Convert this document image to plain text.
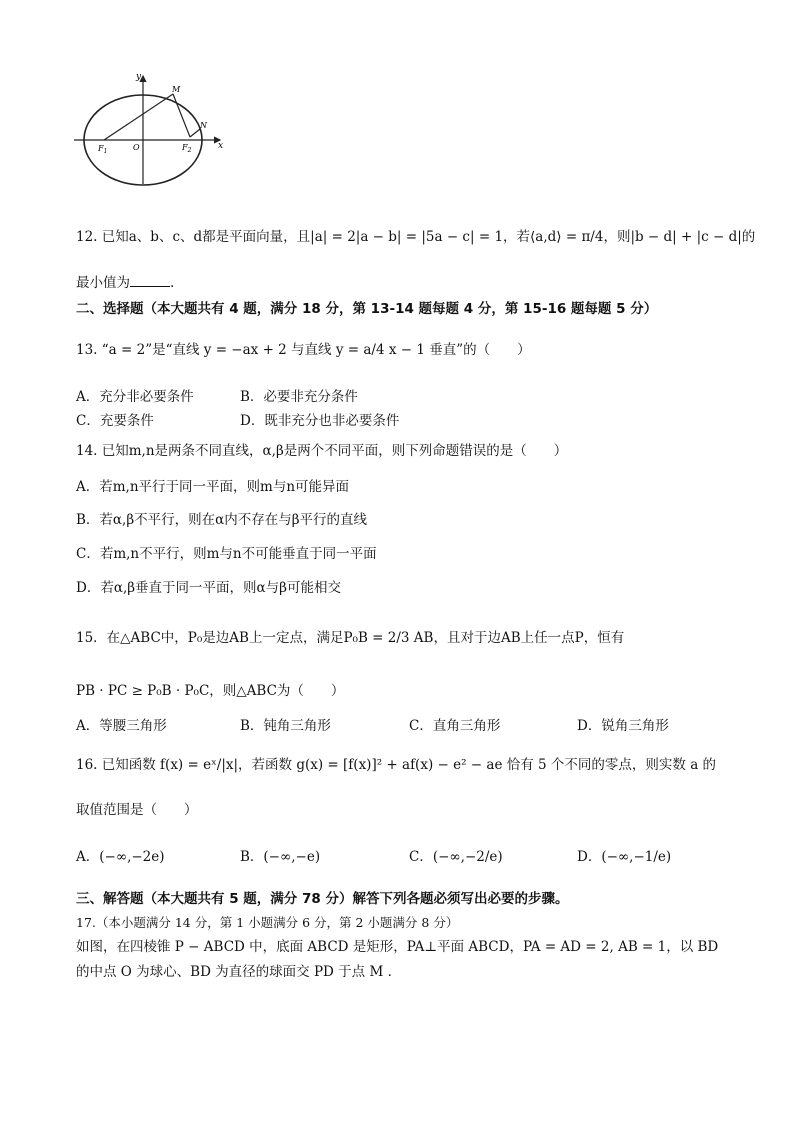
y
x
O
M
N
$F_1$	$F_2$
12. 已知a、b、c、d都是平面向量，且|a| = 2|a − b| = |5a − c| = 1，若⟨a,d⟩ = π/4，则|b − d| + |c − d|的
最小值为	.
二、选择题（本大题共有 4 题，满分 18 分，第 13-14 题每题 4 分，第 15-16 题每题 5 分）
13. “a = 2”是“直线 y = −ax + 2 与直线 y = a/4 x − 1 垂直”的（　　）
A．充分非必要条件	B．必要非充分条件
C．充要条件	D．既非充分也非必要条件
14. 已知m,n是两条不同直线，α,β是两个不同平面，则下列命题错误的是（　　）
A．若m,n平行于同一平面，则m与n可能异面
B．若α,β不平行，则在α内不存在与β平行的直线
C．若m,n不平行，则m与n不可能垂直于同一平面
D．若α,β垂直于同一平面，则α与β可能相交
15．在△ABC中，P₀是边AB上一定点，满足P₀B = 2/3 AB，且对于边AB上任一点P，恒有
PB · PC ≥ P₀B · P₀C，则△ABC为（　　）
A．等腰三角形	B．钝角三角形	C．直角三角形	D．锐角三角形
16. 已知函数 f(x) = eˣ/|x|，若函数 g(x) = [f(x)]² + af(x) − e² − ae 恰有 5 个不同的零点，则实数 a 的
取值范围是（　　）
A．(−∞,−2e)	B．(−∞,−e)	C．(−∞,−2/e)	D．(−∞,−1/e)
三、解答题（本大题共有 5 题，满分 78 分）解答下列各题必须写出必要的步骤。
17.（本小题满分 14 分，第 1 小题满分 6 分，第 2 小题满分 8 分）
如图，在四棱锥 P − ABCD 中，底面 ABCD 是矩形，PA⊥平面 ABCD，PA = AD = 2, AB = 1，以 BD
的中点 O 为球心、BD 为直径的球面交 PD 于点 M ．
